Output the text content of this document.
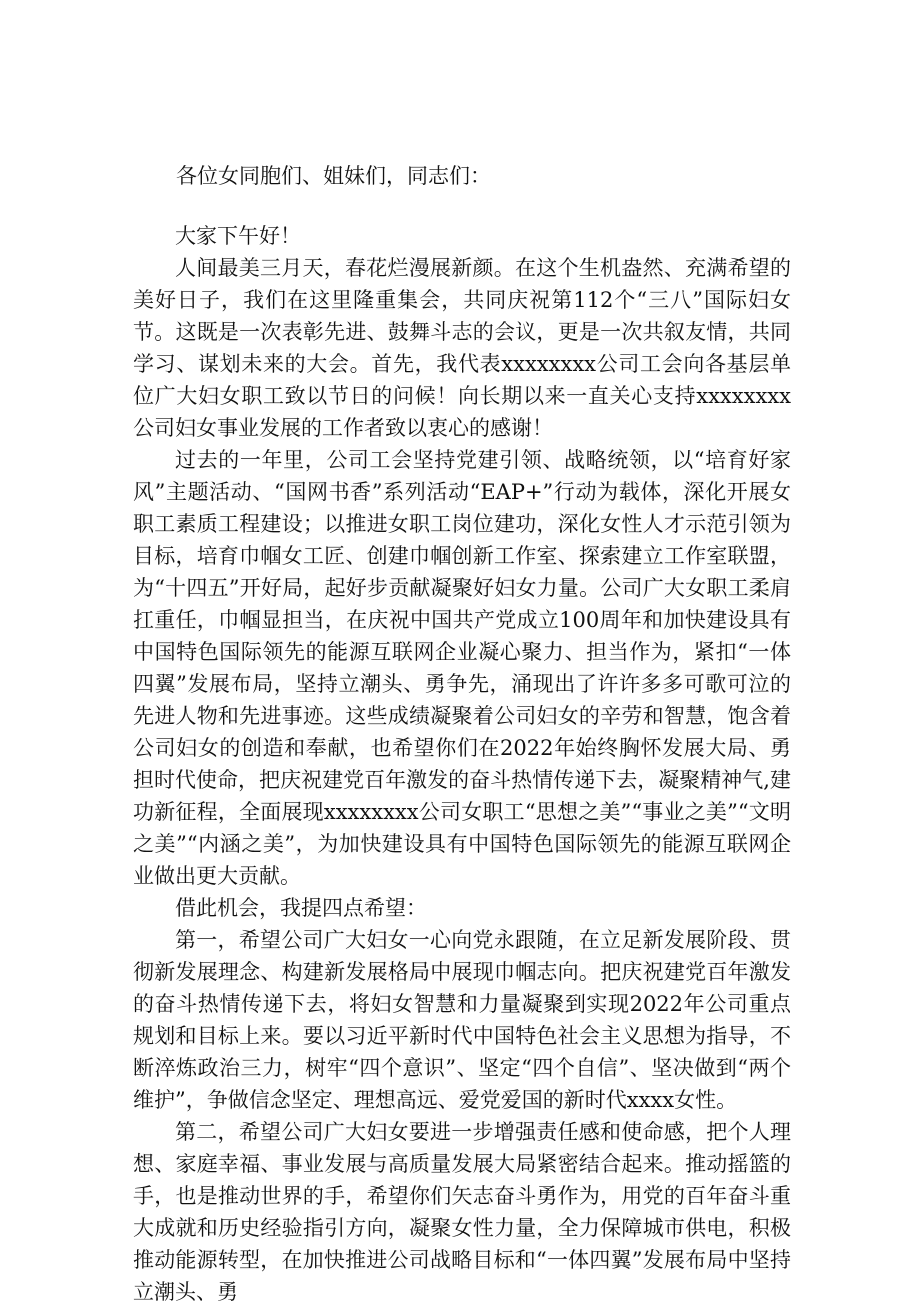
各位女同胞们、姐妹们，同志们：

大家下午好！

人间最美三月天，春花烂漫展新颜。在这个生机盎然、充满希望的美好日子，我们在这里隆重集会，共同庆祝第112个“三八”国际妇女节。这既是一次表彰先进、鼓舞斗志的会议，更是一次共叙友情，共同学习、谋划未来的大会。首先，我代表xxxxxxxx公司工会向各基层单位广大妇女职工致以节日的问候！向长期以来一直关心支持xxxxxxxx公司妇女事业发展的工作者致以衷心的感谢！

过去的一年里，公司工会坚持党建引领、战略统领，以“培育好家风”主题活动、“国网书香”系列活动“EAP+”行动为载体，深化开展女职工素质工程建设；以推进女职工岗位建功，深化女性人才示范引领为目标，培育巾帼女工匠、创建巾帼创新工作室、探索建立工作室联盟，为“十四五”开好局，起好步贡献凝聚好妇女力量。公司广大女职工柔肩扛重任，巾帼显担当，在庆祝中国共产党成立100周年和加快建设具有中国特色国际领先的能源互联网企业凝心聚力、担当作为，紧扣“一体四翼”发展布局，坚持立潮头、勇争先，涌现出了许许多多可歌可泣的先进人物和先进事迹。这些成绩凝聚着公司妇女的辛劳和智慧，饱含着公司妇女的创造和奉献，也希望你们在2022年始终胸怀发展大局、勇担时代使命，把庆祝建党百年激发的奋斗热情传递下去，凝聚精神气,建功新征程，全面展现xxxxxxxx公司女职工“思想之美”“事业之美”“文明之美”“内涵之美”，为加快建设具有中国特色国际领先的能源互联网企业做出更大贡献。

借此机会，我提四点希望：

第一，希望公司广大妇女一心向党永跟随，在立足新发展阶段、贯彻新发展理念、构建新发展格局中展现巾帼志向。把庆祝建党百年激发的奋斗热情传递下去，将妇女智慧和力量凝聚到实现2022年公司重点规划和目标上来。要以习近平新时代中国特色社会主义思想为指导，不断淬炼政治三力，树牢“四个意识”、坚定“四个自信”、坚决做到“两个维护”，争做信念坚定、理想高远、爱党爱国的新时代xxxx女性。

第二，希望公司广大妇女要进一步增强责任感和使命感，把个人理想、家庭幸福、事业发展与高质量发展大局紧密结合起来。推动摇篮的手，也是推动世界的手，希望你们矢志奋斗勇作为，用党的百年奋斗重大成就和历史经验指引方向，凝聚女性力量，全力保障城市供电，积极推动能源转型，在加快推进公司战略目标和“一体四翼”发展布局中坚持立潮头、勇
